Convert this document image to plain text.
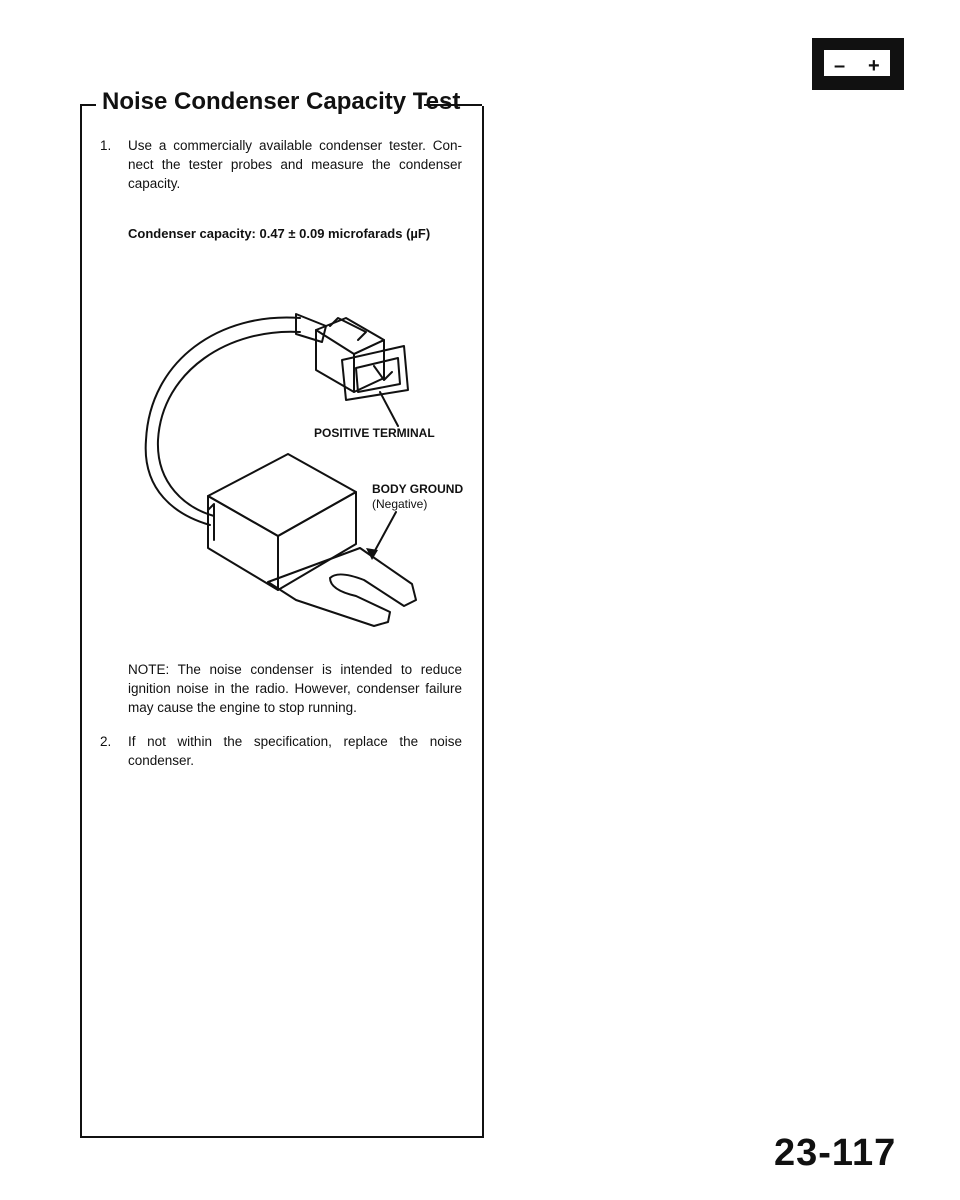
– +
Noise Condenser Capacity Test
1. Use a commercially available condenser tester. Con-nect the tester probes and measure the condenser capacity.
Condenser capacity: 0.47 ± 0.09 microfarads (µF)
POSITIVE TERMINAL
BODY GROUND
(Negative)
NOTE: The noise condenser is intended to reduce ignition noise in the radio. However, condenser failure may cause the engine to stop running.
2. If not within the specification, replace the noise condenser.
23-117
